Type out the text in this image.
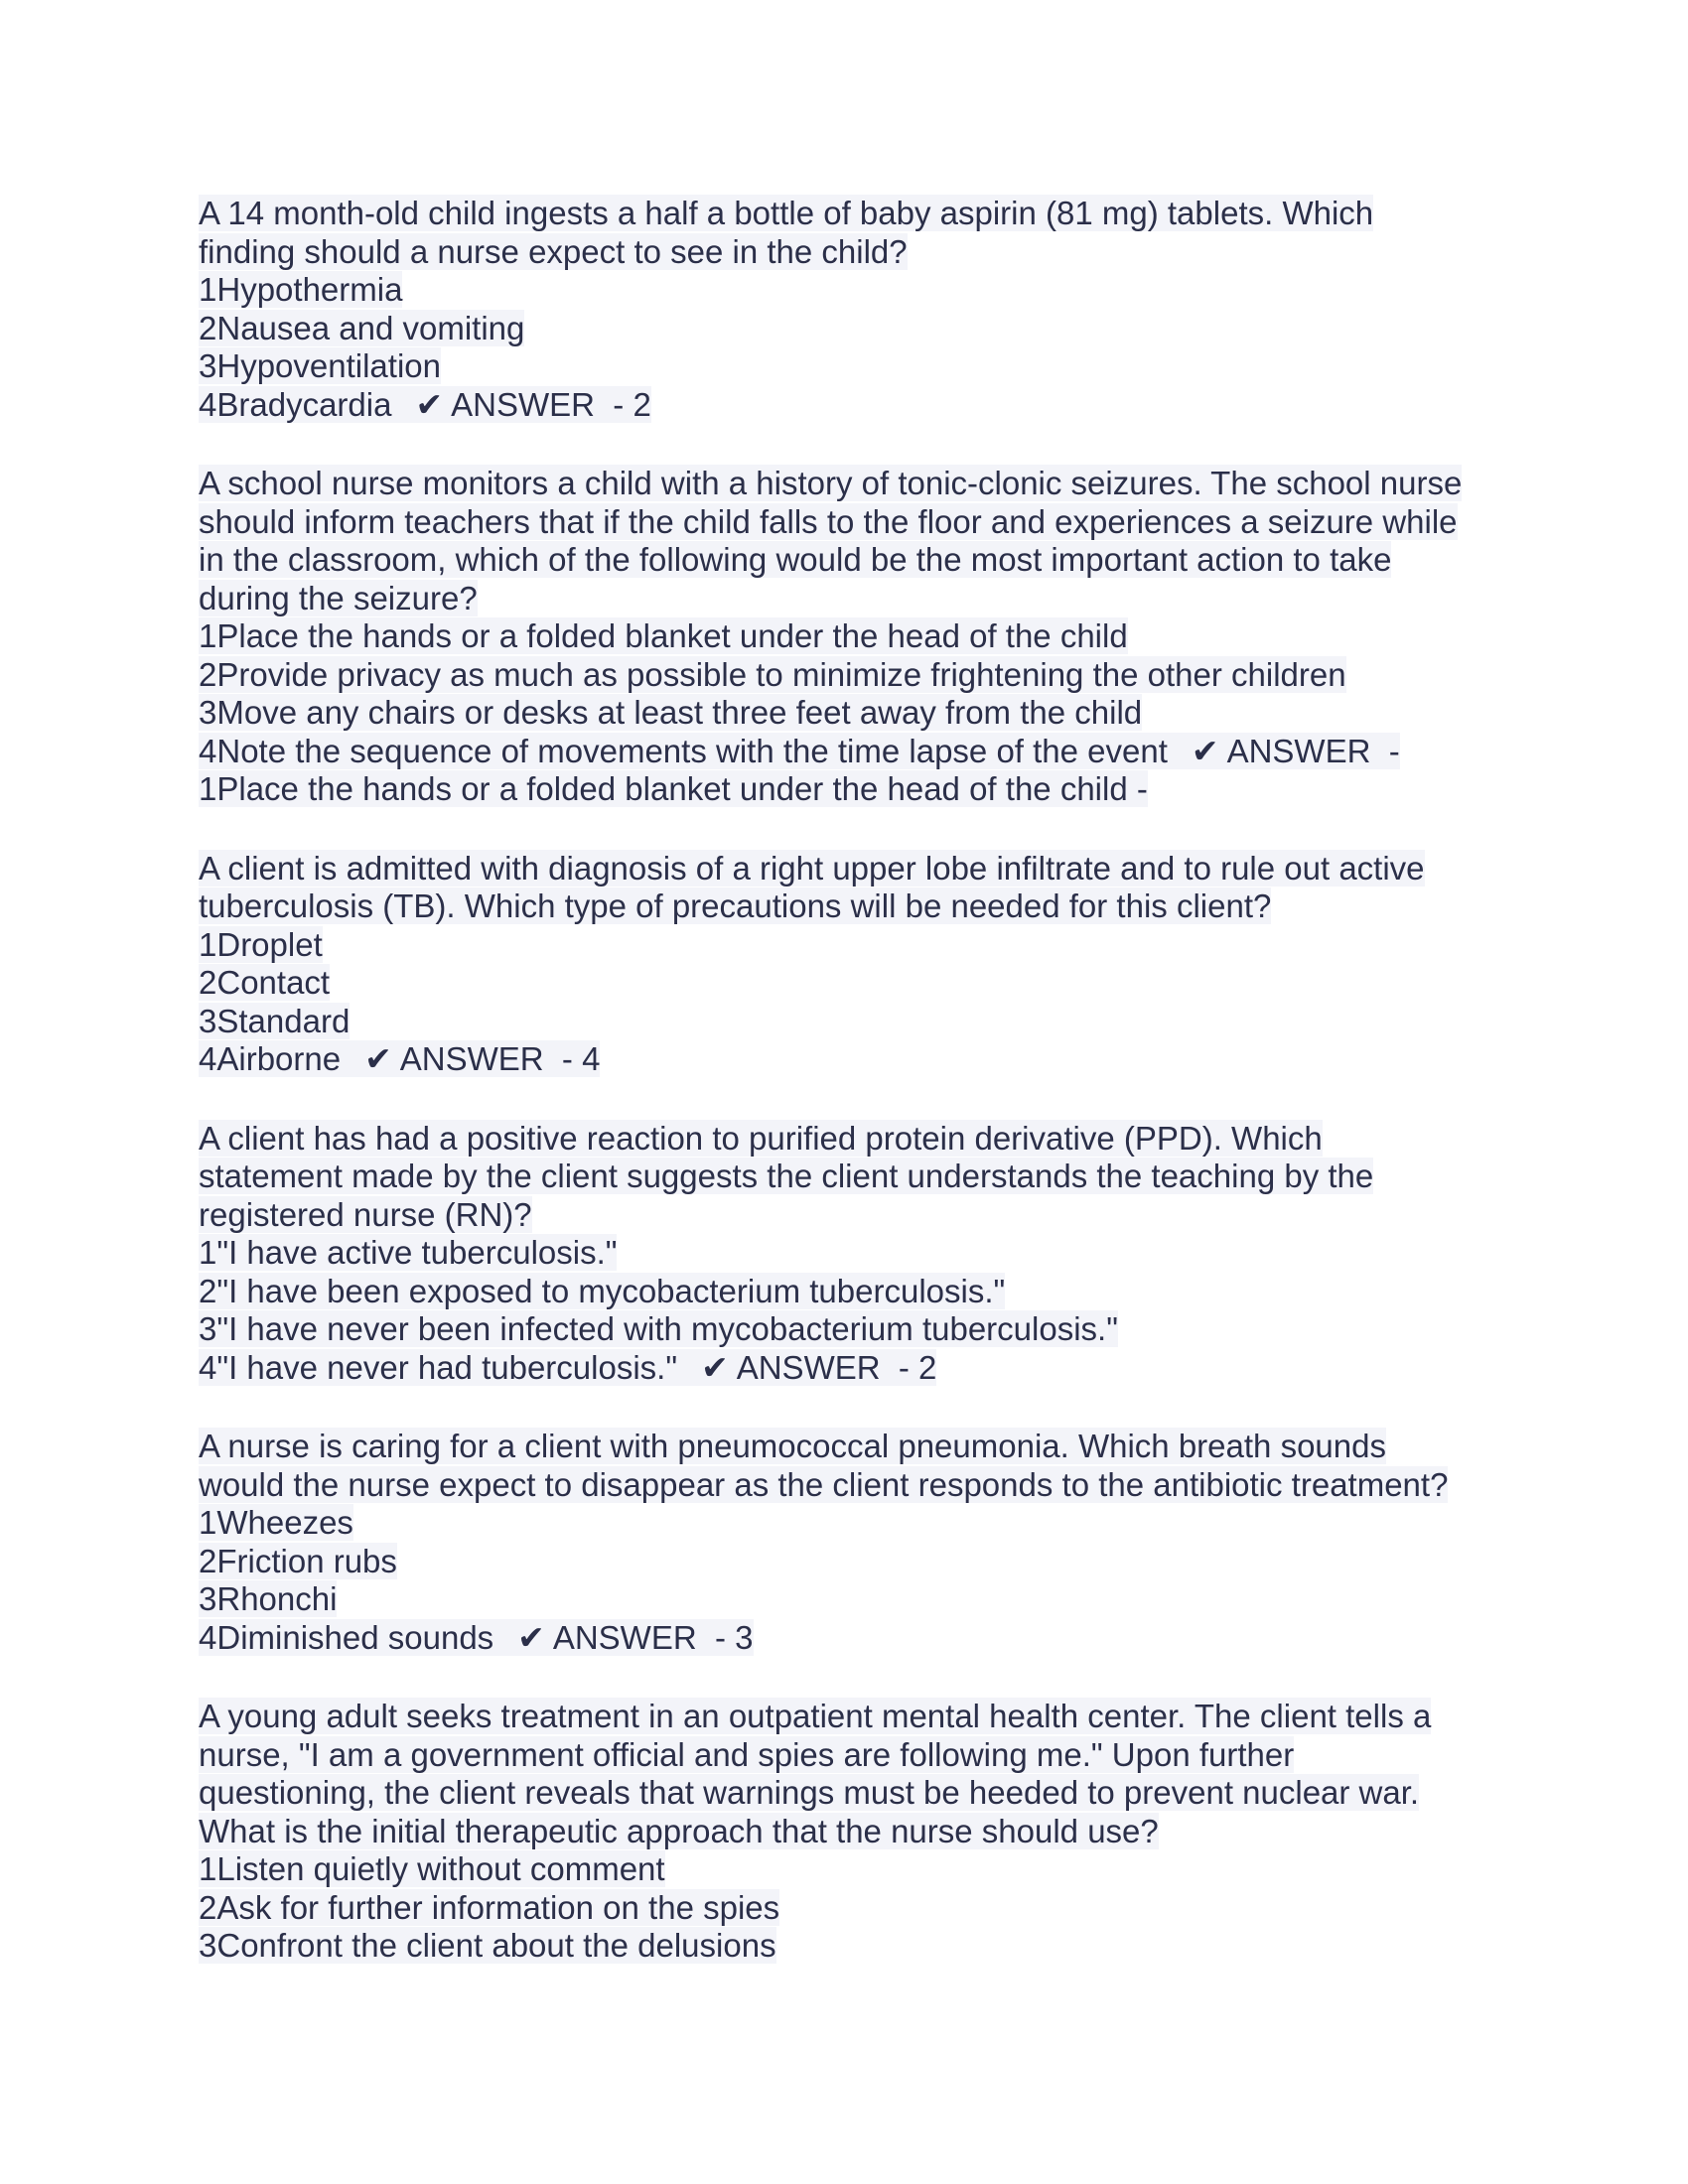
A 14 month-old child ingests a half a bottle of baby aspirin (81 mg) tablets. Which
finding should a nurse expect to see in the child?
1Hypothermia
2Nausea and vomiting
3Hypoventilation
4Bradycardia ✔ ANSWER  - 2
A school nurse monitors a child with a history of tonic-clonic seizures. The school nurse
should inform teachers that if the child falls to the floor and experiences a seizure while
in the classroom, which of the following would be the most important action to take
during the seizure?
1Place the hands or a folded blanket under the head of the child
2Provide privacy as much as possible to minimize frightening the other children
3Move any chairs or desks at least three feet away from the child
4Note the sequence of movements with the time lapse of the event ✔ ANSWER  -
1Place the hands or a folded blanket under the head of the child -
A client is admitted with diagnosis of a right upper lobe infiltrate and to rule out active
tuberculosis (TB). Which type of precautions will be needed for this client?
1Droplet
2Contact
3Standard
4Airborne ✔ ANSWER  - 4
A client has had a positive reaction to purified protein derivative (PPD). Which
statement made by the client suggests the client understands the teaching by the
registered nurse (RN)?
1"I have active tuberculosis."
2"I have been exposed to mycobacterium tuberculosis."
3"I have never been infected with mycobacterium tuberculosis."
4"I have never had tuberculosis." ✔ ANSWER  - 2
A nurse is caring for a client with pneumococcal pneumonia. Which breath sounds
would the nurse expect to disappear as the client responds to the antibiotic treatment?
1Wheezes
2Friction rubs
3Rhonchi
4Diminished sounds ✔ ANSWER  - 3
A young adult seeks treatment in an outpatient mental health center. The client tells a
nurse, "I am a government official and spies are following me." Upon further
questioning, the client reveals that warnings must be heeded to prevent nuclear war.
What is the initial therapeutic approach that the nurse should use?
1Listen quietly without comment
2Ask for further information on the spies
3Confront the client about the delusions
